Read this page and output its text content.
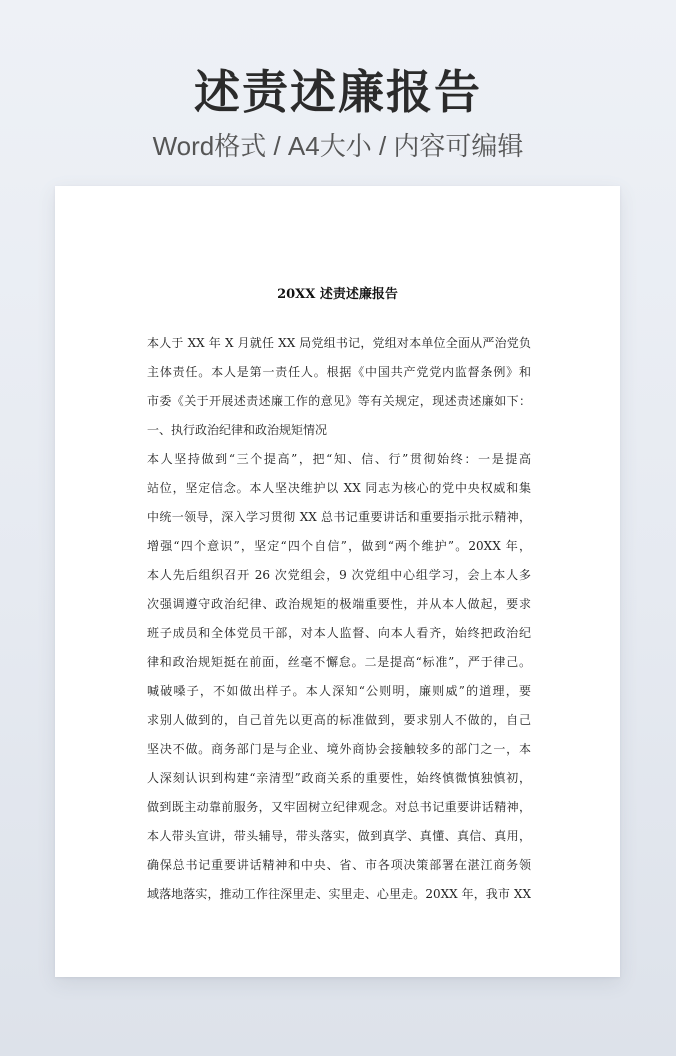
述责述廉报告
Word格式 / A4大小 / 内容可编辑
20XX 述责述廉报告
本人于 XX 年 X 月就任 XX 局党组书记，党组对本单位全面从严治党负
主体责任。本人是第一责任人。根据《中国共产党党内监督条例》和
市委《关于开展述责述廉工作的意见》等有关规定，现述责述廉如下：
一、执行政治纪律和政治规矩情况
本人坚持做到“三个提高”，把“知、信、行”贯彻始终：一是提高
站位，坚定信念。本人坚决维护以 XX 同志为核心的党中央权威和集
中统一领导，深入学习贯彻 XX 总书记重要讲话和重要指示批示精神，
增强“四个意识”，坚定“四个自信”，做到“两个维护”。20XX 年，
本人先后组织召开 26 次党组会，9 次党组中心组学习，会上本人多
次强调遵守政治纪律、政治规矩的极端重要性，并从本人做起，要求
班子成员和全体党员干部，对本人监督、向本人看齐，始终把政治纪
律和政治规矩挺在前面，丝毫不懈怠。二是提高“标准”，严于律己。
喊破嗓子，不如做出样子。本人深知“公则明，廉则威”的道理，要
求别人做到的，自己首先以更高的标准做到，要求别人不做的，自己
坚决不做。商务部门是与企业、境外商协会接触较多的部门之一，本
人深刻认识到构建“亲清型”政商关系的重要性，始终慎微慎独慎初，
做到既主动靠前服务，又牢固树立纪律观念。对总书记重要讲话精神，
本人带头宣讲，带头辅导，带头落实，做到真学、真懂、真信、真用，
确保总书记重要讲话精神和中央、省、市各项决策部署在湛江商务领
域落地落实，推动工作往深里走、实里走、心里走。20XX 年，我市 XX
